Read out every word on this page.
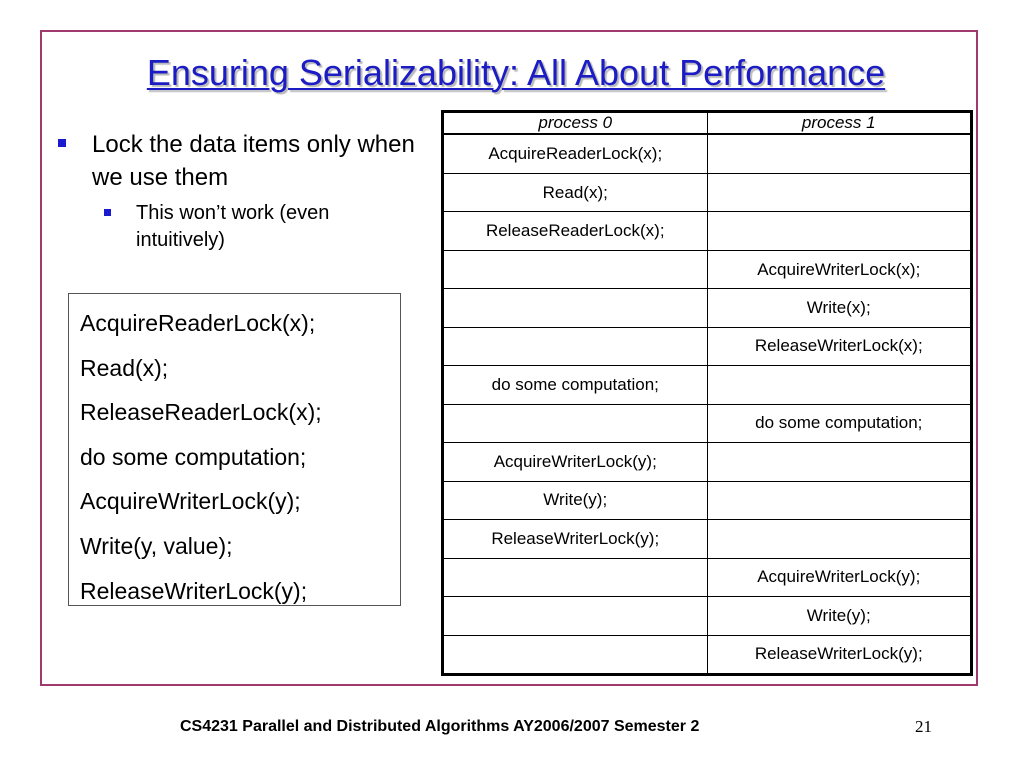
Ensuring Serializability: All About Performance
Lock the data items only when we use them
This won’t work (even intuitively)
AcquireReaderLock(x);
Read(x);
ReleaseReaderLock(x);
do some computation;
AcquireWriterLock(y);
Write(y, value);
ReleaseWriterLock(y);
process 0	process 1
AcquireReaderLock(x);	
Read(x);	
ReleaseReaderLock(x);	
	AcquireWriterLock(x);
	Write(x);
	ReleaseWriterLock(x);
do some computation;	
	do some computation;
AcquireWriterLock(y);	
Write(y);	
ReleaseWriterLock(y);	
	AcquireWriterLock(y);
	Write(y);
	ReleaseWriterLock(y);
CS4231 Parallel and Distributed Algorithms AY2006/2007 Semester 2	21
